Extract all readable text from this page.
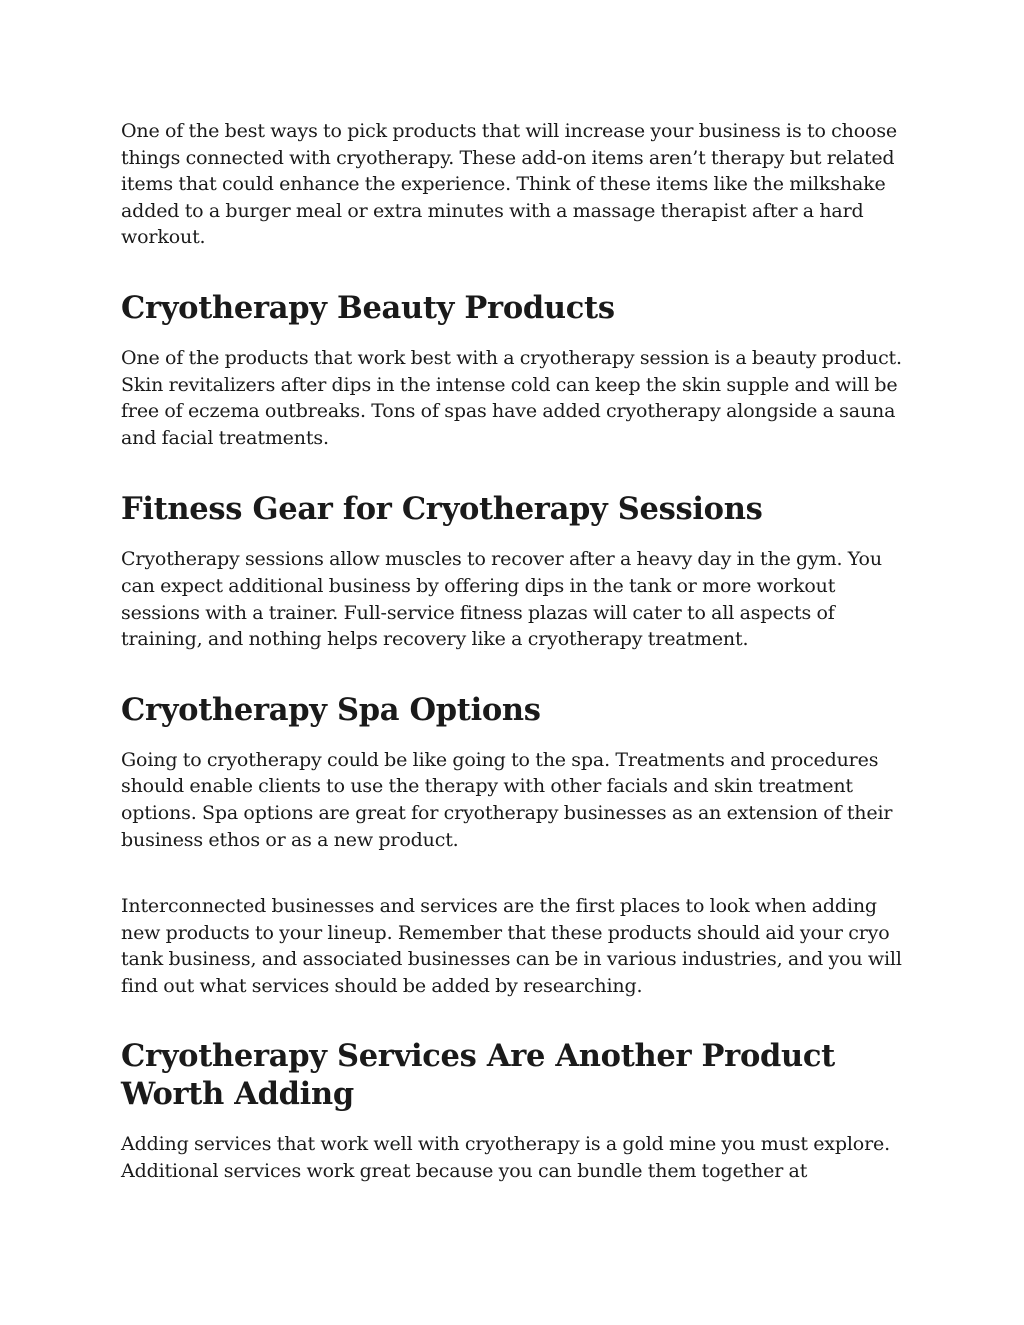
One of the best ways to pick products that will increase your business is to choose things connected with cryotherapy. These add-on items aren’t therapy but related items that could enhance the experience. Think of these items like the milkshake added to a burger meal or extra minutes with a massage therapist after a hard workout.

Cryotherapy Beauty Products

One of the products that work best with a cryotherapy session is a beauty product. Skin revitalizers after dips in the intense cold can keep the skin supple and will be free of eczema outbreaks. Tons of spas have added cryotherapy alongside a sauna and facial treatments.

Fitness Gear for Cryotherapy Sessions

Cryotherapy sessions allow muscles to recover after a heavy day in the gym. You can expect additional business by offering dips in the tank or more workout sessions with a trainer. Full-service fitness plazas will cater to all aspects of training, and nothing helps recovery like a cryotherapy treatment.

Cryotherapy Spa Options

Going to cryotherapy could be like going to the spa. Treatments and procedures should enable clients to use the therapy with other facials and skin treatment options. Spa options are great for cryotherapy businesses as an extension of their business ethos or as a new product.

Interconnected businesses and services are the first places to look when adding new products to your lineup. Remember that these products should aid your cryo tank business, and associated businesses can be in various industries, and you will find out what services should be added by researching.

Cryotherapy Services Are Another Product Worth Adding

Adding services that work well with cryotherapy is a gold mine you must explore. Additional services work great because you can bundle them together at
